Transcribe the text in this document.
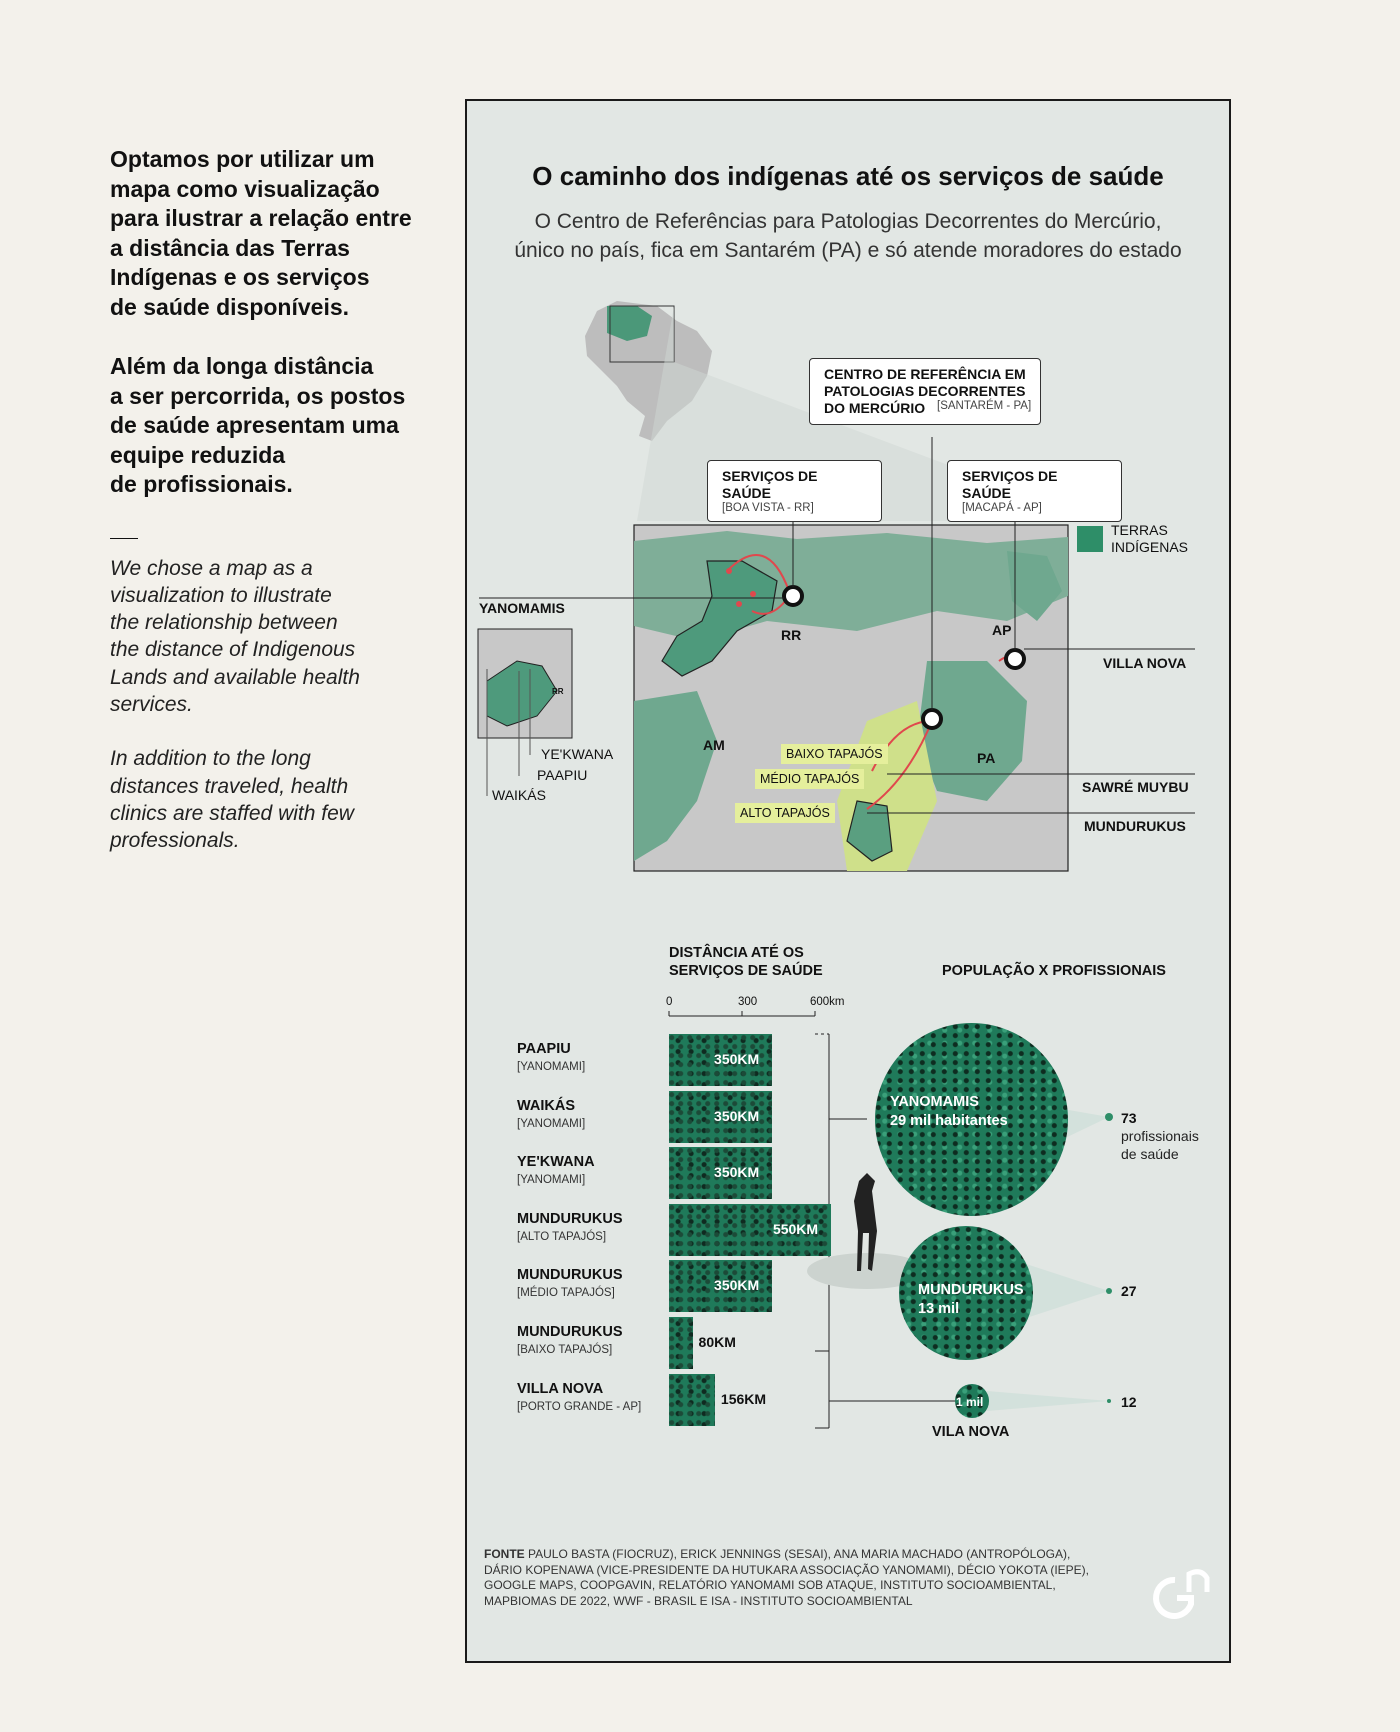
Optamos por utilizar um
mapa como visualização
para ilustrar a relação entre
a distância das Terras
Indígenas e os serviços
de saúde disponíveis.
Além da longa distância
a ser percorrida, os postos
de saúde apresentam uma
equipe reduzida
de profissionais.
We chose a map as a
visualization to illustrate
the relationship between
the distance of Indigenous
Lands and available health
services.
In addition to the long
distances traveled, health
clinics are staffed with few
professionals.
O caminho dos indígenas até os serviços de saúde
O Centro de Referências para Patologias Decorrentes do Mercúrio,
único no país, fica em Santarém (PA) e só atende moradores do estado
CENTRO DE REFERÊNCIA EM
PATOLOGIAS DECORRENTES
DO MERCÚRIO	[SANTARÉM - PA]
SERVIÇOS DE SAÚDE
[BOA VISTA - RR]
SERVIÇOS DE SAÚDE
[MACAPÁ - AP]
TERRAS
INDÍGENAS
YANOMAMIS
RR	AP
AM
PA
VILLA NOVA
SAWRÉ MUYBU
MUNDURUKUS
BAIXO TAPAJÓS
MÉDIO TAPAJÓS
ALTO TAPAJÓS
YE'KWANA
PAAPIU
WAIKÁS
RR
DISTÂNCIA ATÉ OS
SERVIÇOS DE SAÚDE
0	300	600km
PAAPIU
[YANOMAMI]	350KM
WAIKÁS
[YANOMAMI]	350KM
YE'KWANA
[YANOMAMI]	350KM
MUNDURUKUS
[ALTO TAPAJÓS]	550KM
MUNDURUKUS
[MÉDIO TAPAJÓS]	350KM
MUNDURUKUS
[BAIXO TAPAJÓS]	80KM
VILLA NOVA
[PORTO GRANDE - AP]	156KM
POPULAÇÃO X PROFISSIONAIS
YANOMAMIS
29 mil habitantes	73
profissionais
de saúde
MUNDURUKUS
13 mil
27
1 mil	12
VILA NOVA
FONTE PAULO BASTA (FIOCRUZ), ERICK JENNINGS (SESAI), ANA MARIA MACHADO (ANTROPÓLOGA), DÁRIO KOPENAWA (VICE-PRESIDENTE DA HUTUKARA ASSOCIAÇÃO YANOMAMI), DÉCIO YOKOTA (IEPE), GOOGLE MAPS, COOPGAVIN, RELATÓRIO YANOMAMI SOB ATAQUE, INSTITUTO SOCIOAMBIENTAL, MAPBIOMAS DE 2022, WWF - BRASIL E ISA - INSTITUTO SOCIOAMBIENTAL
